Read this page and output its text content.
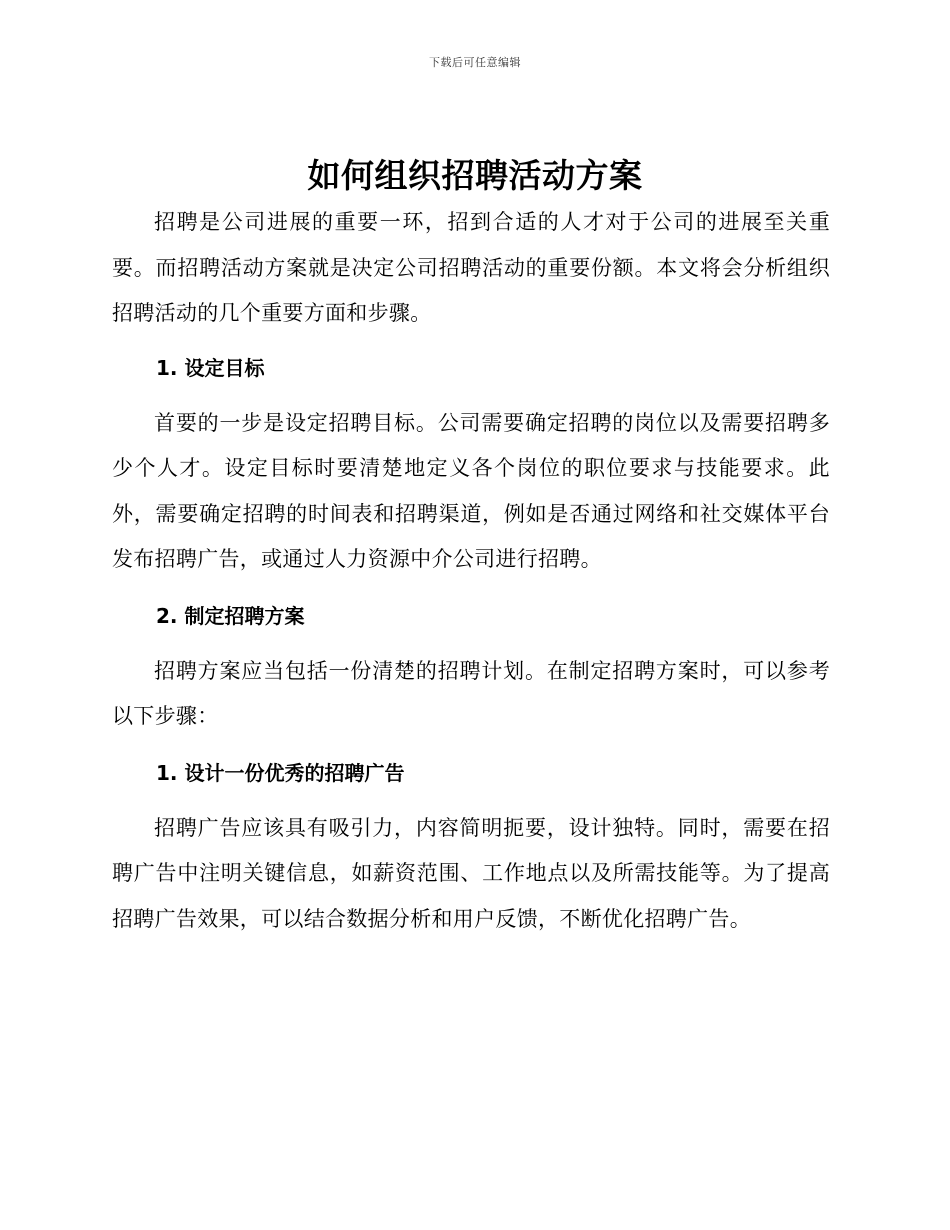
下载后可任意编辑
如何组织招聘活动方案

招聘是公司进展的重要一环，招到合适的人才对于公司的进展至关重要。而招聘活动方案就是决定公司招聘活动的重要份额。本文将会分析组织招聘活动的几个重要方面和步骤。

1. 设定目标

首要的一步是设定招聘目标。公司需要确定招聘的岗位以及需要招聘多少个人才。设定目标时要清楚地定义各个岗位的职位要求与技能要求。此外，需要确定招聘的时间表和招聘渠道，例如是否通过网络和社交媒体平台发布招聘广告，或通过人力资源中介公司进行招聘。

2. 制定招聘方案

招聘方案应当包括一份清楚的招聘计划。在制定招聘方案时，可以参考以下步骤：

1. 设计一份优秀的招聘广告

招聘广告应该具有吸引力，内容简明扼要，设计独特。同时，需要在招聘广告中注明关键信息，如薪资范围、工作地点以及所需技能等。为了提高招聘广告效果，可以结合数据分析和用户反馈，不断优化招聘广告。
